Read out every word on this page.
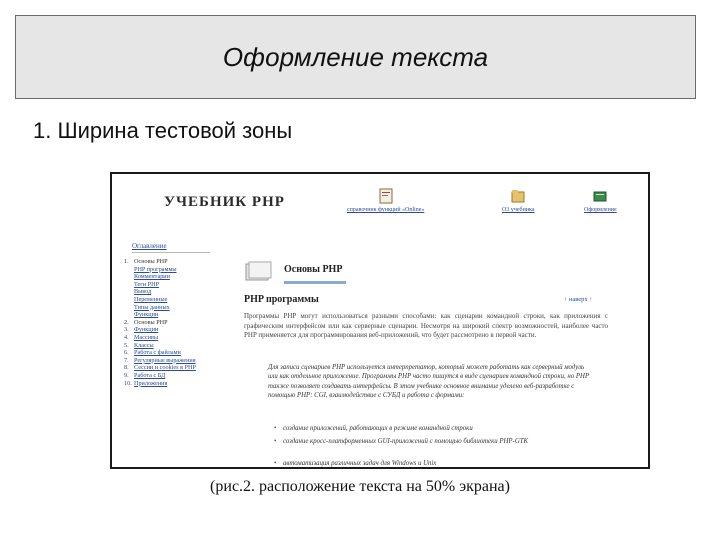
Оформление текста
1. Ширина тестовой зоны
УЧЕБНИК PHP	справочник функций «Online»	О3 учебника	Оформление
Оглавление
1. Основы PHP
PHP программы
Комментарии
Теги PHP
Вывод
Переменные
Типы данных
Функции
2. Основы PHP
3. Функции
4. Массивы
5. Классы
6. Работа с файлами
7. Регулярные выражения
8. Сессии и cookies в PHP
9. Работа с БД
10. Приложения
Основы PHP
PHP программы	↑ наверх ↑
Программы PHP могут использоваться разными способами: как сценарии командной строки, как приложения с графическим интерфейсом или как серверные сценарии. Несмотря на широкий спектр возможностей, наиболее часто PHP применяется для программирования веб-приложений, что будет рассмотрено в первой части.
Для записи сценариев PHP используется интерпретатор, который может работать как серверный модуль или как отдельное приложение. Программы PHP часто пишутся в виде сценариев командной строки, но PHP также позволяет создавать интерфейсы. В этом учебнике основное внимание уделено веб-разработке с помощью PHP: CGI, взаимодействие с СУБД и работа с формами:
• создание приложений, работающих в режиме командной строки
• создание кросс-платформенных GUI-приложений с помощью библиотеки PHP-GTK
• автоматизация различных задач для Windows и Unix
(рис.2. расположение текста на 50% экрана)
